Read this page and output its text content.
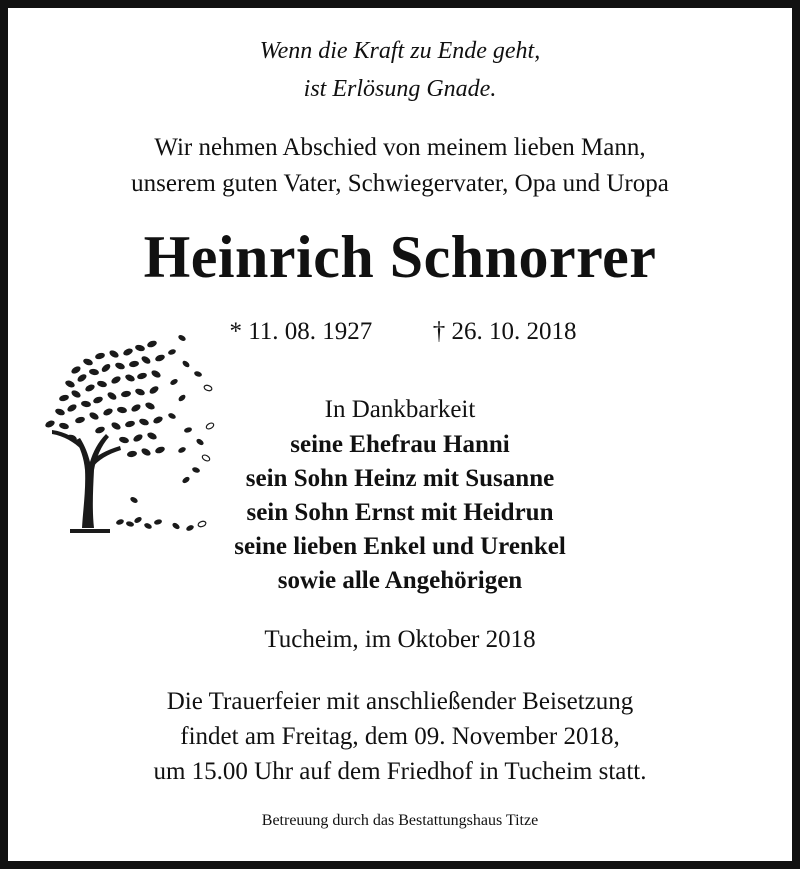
Wenn die Kraft zu Ende geht,
ist Erlösung Gnade.
Wir nehmen Abschied von meinem lieben Mann,
unserem guten Vater, Schwiegervater, Opa und Uropa
Heinrich Schnorrer
* 11. 08. 1927 † 26. 10. 2018
In Dankbarkeit
seine Ehefrau Hanni
sein Sohn Heinz mit Susanne
sein Sohn Ernst mit Heidrun
seine lieben Enkel und Urenkel
sowie alle Angehörigen
Tucheim, im Oktober 2018
Die Trauerfeier mit anschließender Beisetzung
findet am Freitag, dem 09. November 2018,
um 15.00 Uhr auf dem Friedhof in Tucheim statt.
Betreuung durch das Bestattungshaus Titze
